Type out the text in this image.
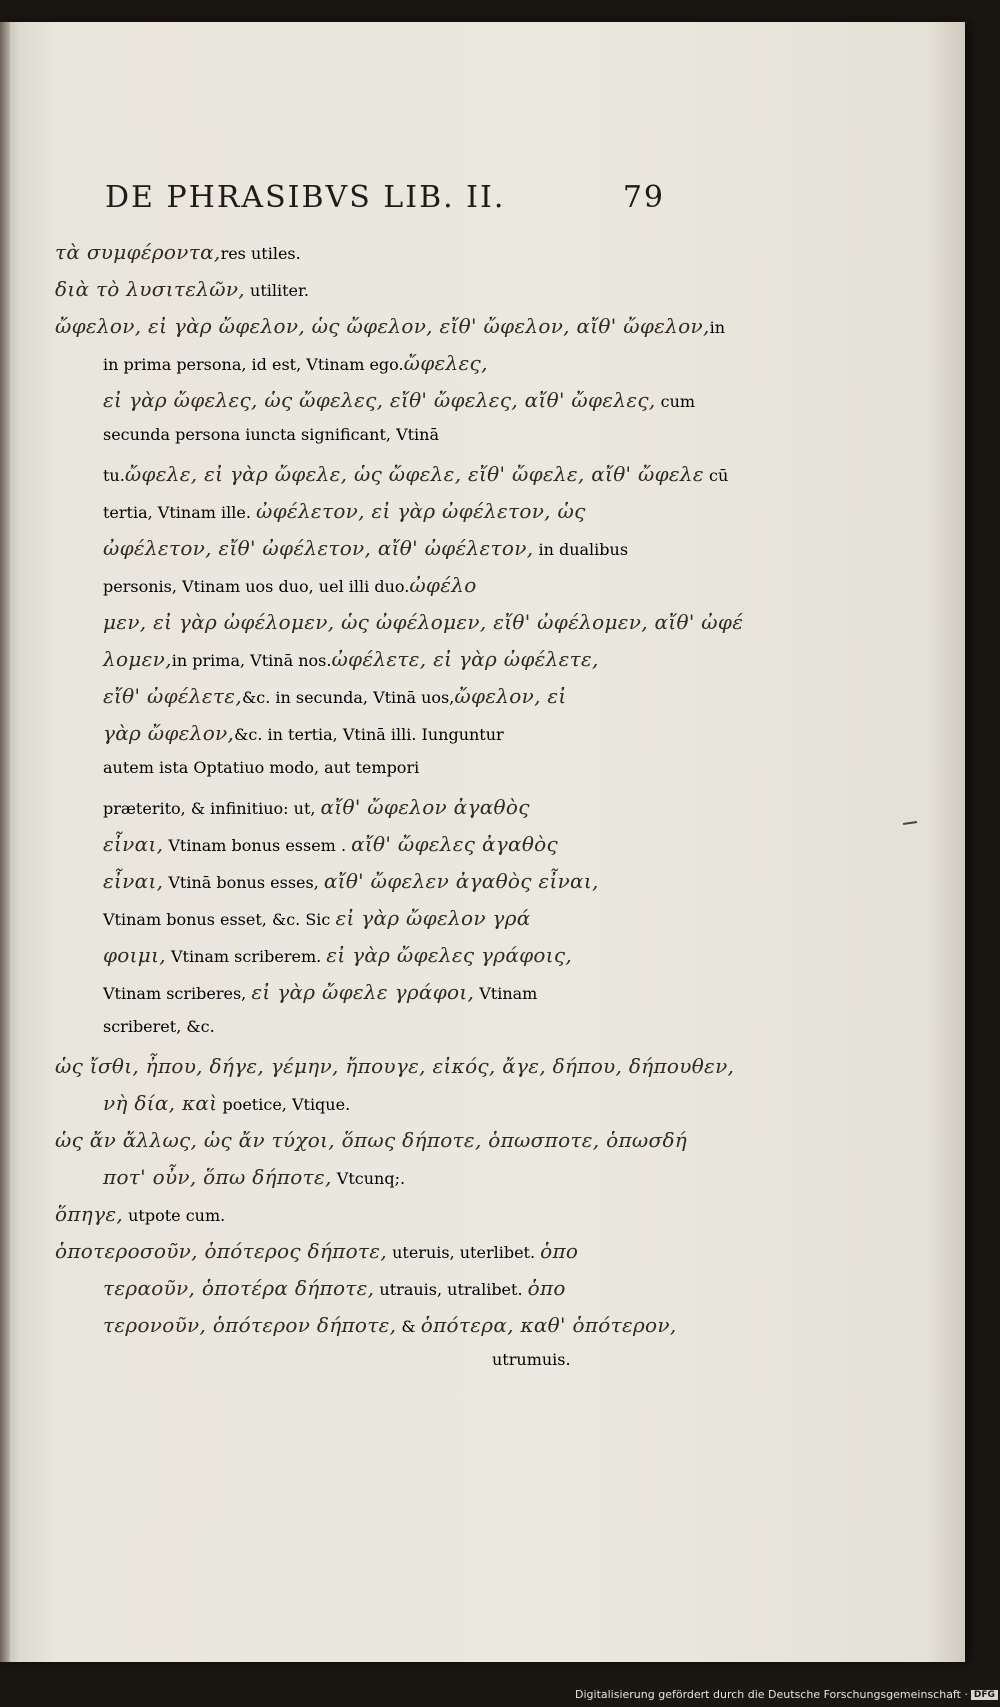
DE PHRASIBVS LIB. II.	79
τὰ συμφέροντα,res utiles.
διὰ τὸ λυσιτελῶν, utiliter.
ὤφελον, εἰ γὰρ ὤφελον, ὡς ὤφελον, εἴθ' ὤφελον, αἴθ' ὤφελον,in
in prima persona, id est, Vtinam ego.ὤφελες,
εἰ γὰρ ὤφελες, ὡς ὤφελες, εἴθ' ὤφελες, αἴθ' ὤφελες, cum
secunda persona iuncta significant, Vtinā
tu.ὤφελε, εἰ γὰρ ὤφελε, ὡς ὤφελε, εἴθ' ὤφελε, αἴθ' ὤφελε cū
tertia, Vtinam ille. ὠφέλετον, εἰ γὰρ ὠφέλετον, ὡς
ὠφέλετον, εἴθ' ὠφέλετον, αἴθ' ὠφέλετον, in dualibus
personis, Vtinam uos duo, uel illi duo.ὠφέλο
μεν, εἰ γὰρ ὠφέλομεν, ὡς ὠφέλομεν, εἴθ' ὠφέλομεν, αἴθ' ὠφέ
λομεν,in prima, Vtinā nos.ὠφέλετε, εἰ γὰρ ὠφέλετε,
εἴθ' ὠφέλετε,&c. in secunda, Vtinā uos,ὤφελον, εἰ
γὰρ ὤφελον,&c. in tertia, Vtinā illi. Iunguntur
autem ista Optatiuo modo, aut tempori
præterito, & infinitiuo: ut, αἴθ' ὤφελον ἀγαθὸς
εἶναι, Vtinam bonus essem . αἴθ' ὤφελες ἀγαθὸς
εἶναι, Vtinā bonus esses, αἴθ' ὤφελεν ἀγαθὸς εἶναι,
Vtinam bonus esset, &c. Sic εἰ γὰρ ὤφελον γρά
φοιμι, Vtinam scriberem. εἰ γὰρ ὤφελες γράφοις,
Vtinam scriberes, εἰ γὰρ ὤφελε γράφοι, Vtinam
scriberet, &c.
ὡς ἴσθι, ἦπου, δήγε, γέμην, ἤπουγε, εἰκός, ἄγε, δήπου, δήπουθεν,
νὴ δία, καὶ poetice, Vtique.
ὡς ἄν ἄλλως, ὡς ἄν τύχοι, ὅπως δήποτε, ὁπωσποτε, ὁπωσδή
ποτ' οὖν, ὅπω δήποτε, Vtcunq;.
ὅπηγε, utpote cum.
ὁποτεροσοῦν, ὁπότερος δήποτε, uteruis, uterlibet. ὁπο
τεραοῦν, ὁποτέρα δήποτε, utrauis, utralibet. ὁπο
τερονοῦν, ὁπότερον δήποτε, & ὁπότερα, καθ' ὁπότερον,
utrumuis.
Digitalisierung gefördert durch die Deutsche Forschungsgemeinschaft · DFG
